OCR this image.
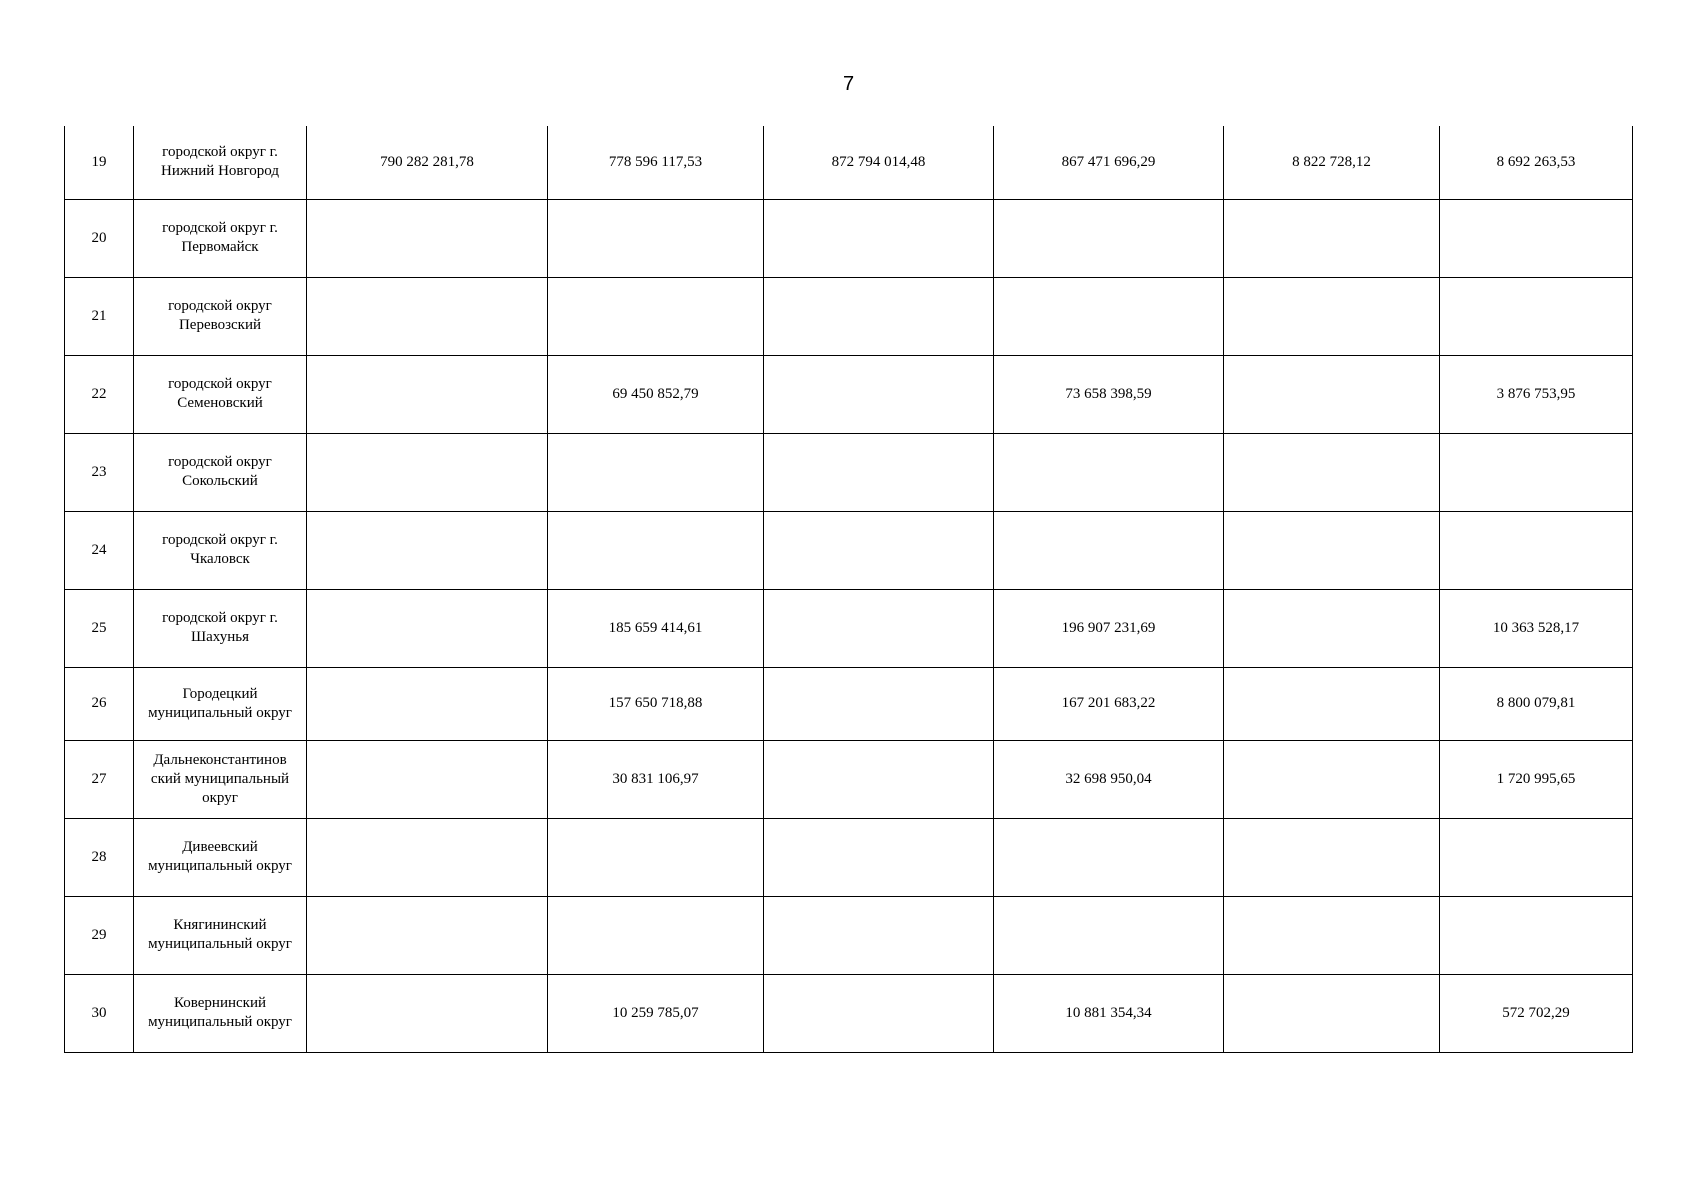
7
19	городской округ г. Нижний Новгород	790 282 281,78	778 596 117,53	872 794 014,48	867 471 696,29	8 822 728,12	8 692 263,53
20	городской округ г. Первомайск						
21	городской округ Перевозский						
22	городской округ Семеновский		69 450 852,79		73 658 398,59		3 876 753,95
23	городской округ Сокольский						
24	городской округ г. Чкаловск						
25	городской округ г. Шахунья		185 659 414,61		196 907 231,69		10 363 528,17
26	Городецкий муниципальный округ		157 650 718,88		167 201 683,22		8 800 079,81
27	Дальнеконстантинов ский муниципальный округ		30 831 106,97		32 698 950,04		1 720 995,65
28	Дивеевский муниципальный округ						
29	Княгининский муниципальный округ						
30	Ковернинский муниципальный округ		10 259 785,07		10 881 354,34		572 702,29
